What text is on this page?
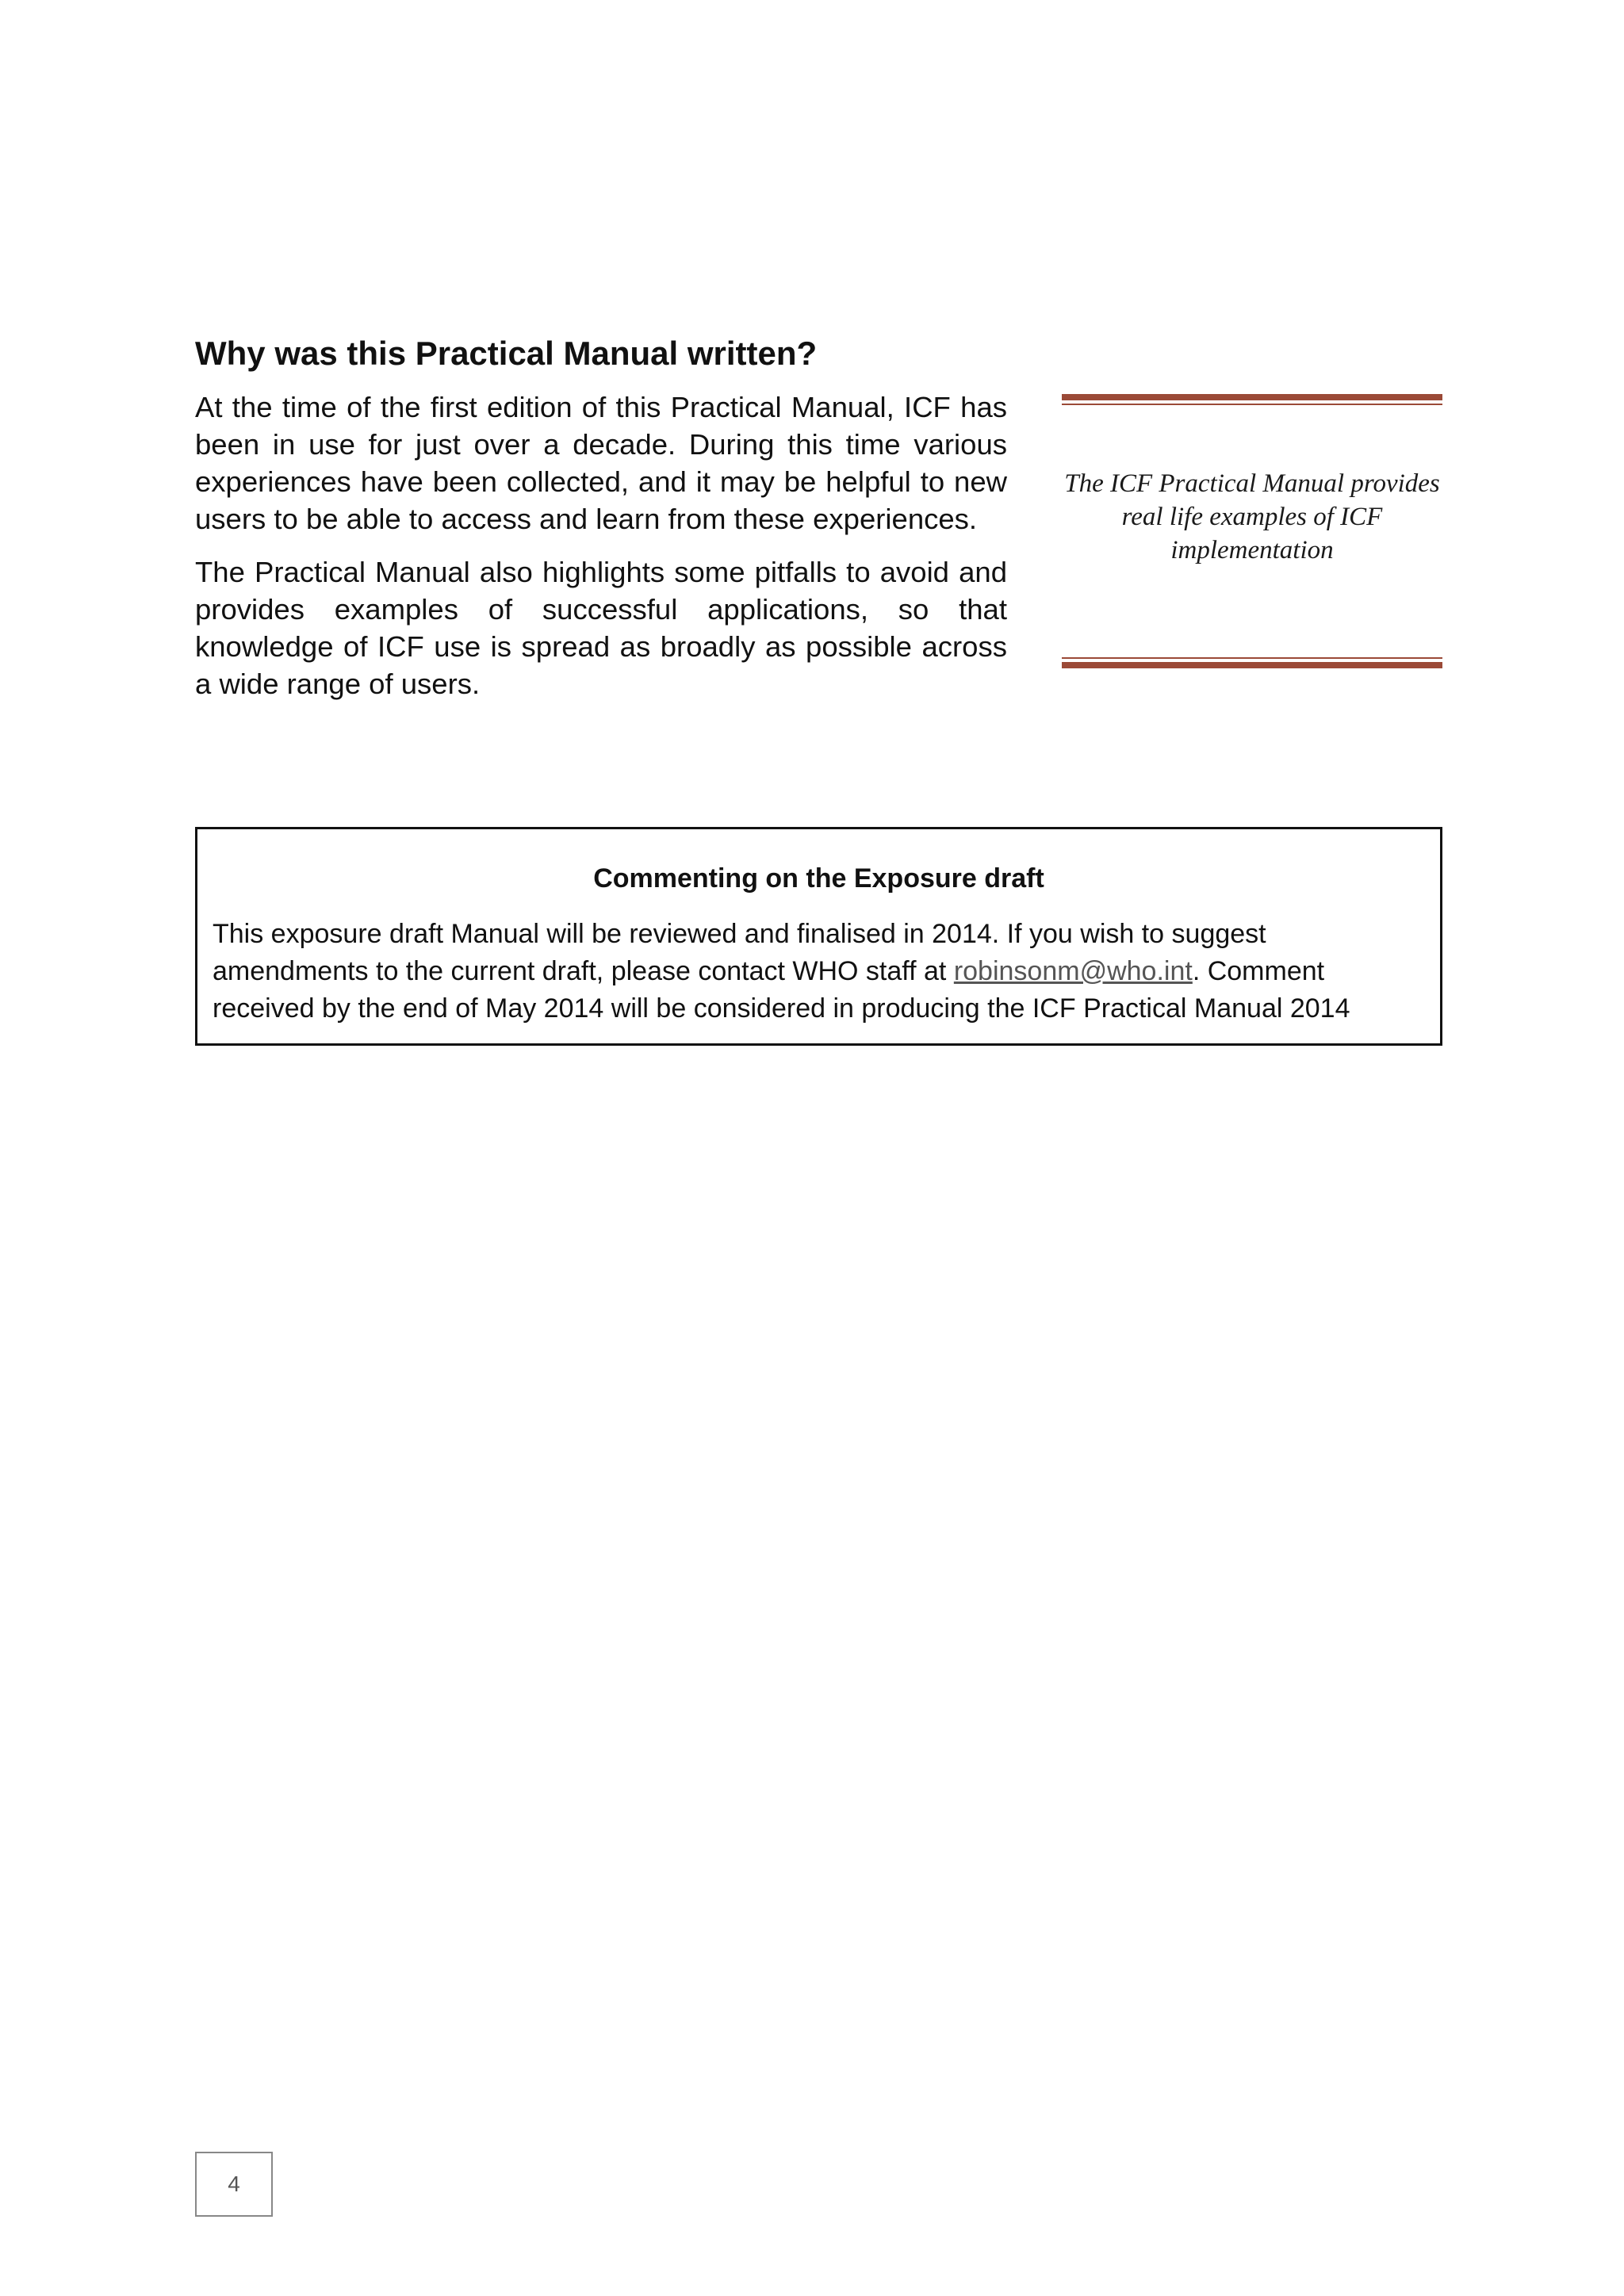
Why was this Practical Manual written?

At the time of the first edition of this Practical Manual, ICF has been in use for just over a decade. During this time various experiences have been collected, and it may be helpful to new users to be able to access and learn from these experiences.

The Practical Manual also highlights some pitfalls to avoid and provides examples of successful applications, so that knowledge of ICF use is spread as broadly as possible across a wide range of users.

The ICF Practical Manual provides real life examples of ICF implementation

Commenting on the Exposure draft

This exposure draft Manual will be reviewed and finalised in 2014. If you wish to suggest amendments to the current draft, please contact WHO staff at robinsonm@who.int. Comment received by the end of May 2014 will be considered in producing the ICF Practical Manual 2014

4
